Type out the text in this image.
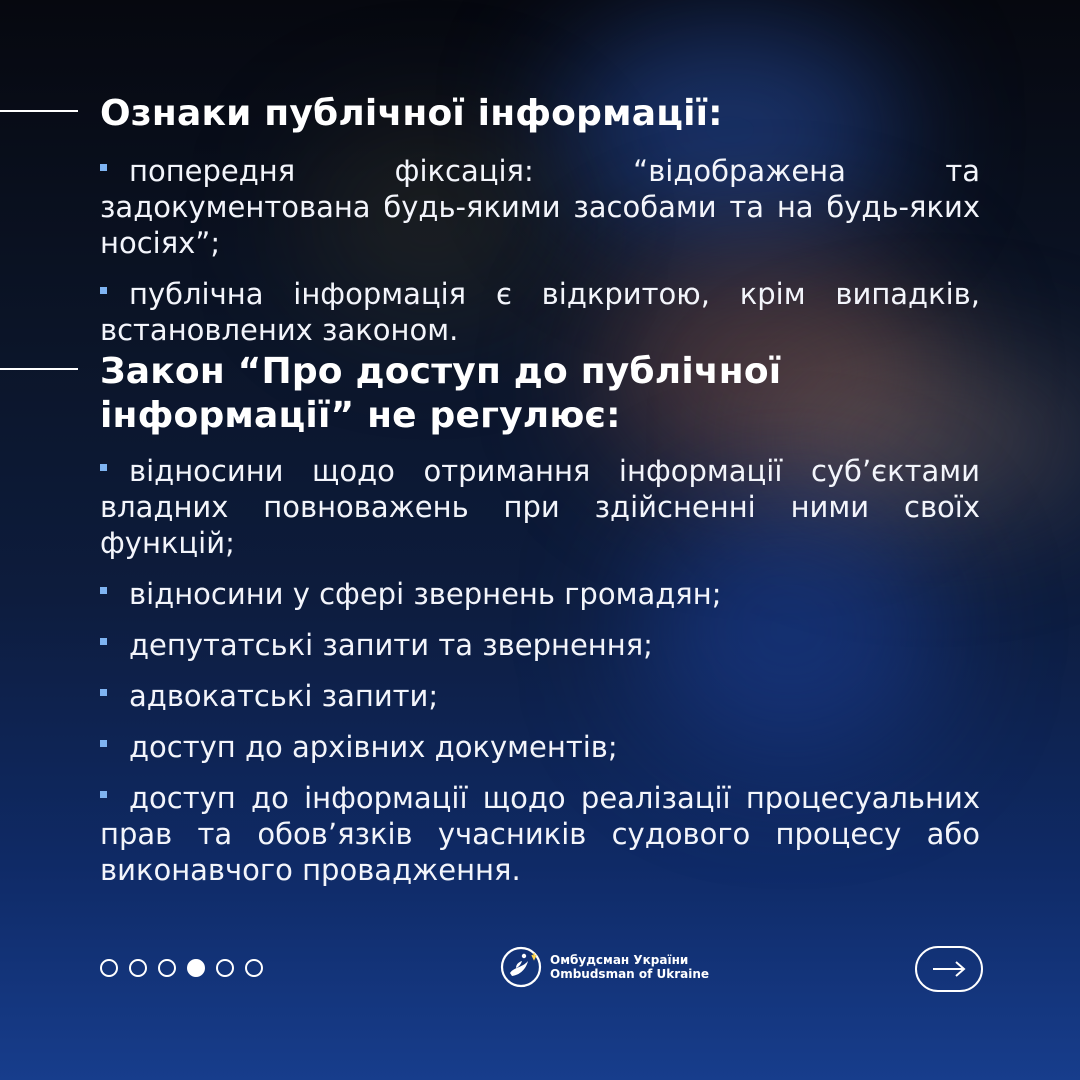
Ознаки публічної інформації:
попередня фіксація: “відображена та задокументована будь-якими засобами та на будь-яких носіях”;
публічна інформація є відкритою, крім випадків, встановлених законом.
Закон “Про доступ до публічної
інформації” не регулює:
відносини щодо отримання інформації суб’єктами владних повноважень при здійсненні ними своїх функцій;
відносини у сфері звернень громадян;
депутатські запити та звернення;
адвокатські запити;
доступ до архівних документів;
доступ до інформації щодо реалізації процесуальних прав та обов’язків учасників судового процесу або виконавчого провадження.
Омбудсман України
Ombudsman of Ukraine
